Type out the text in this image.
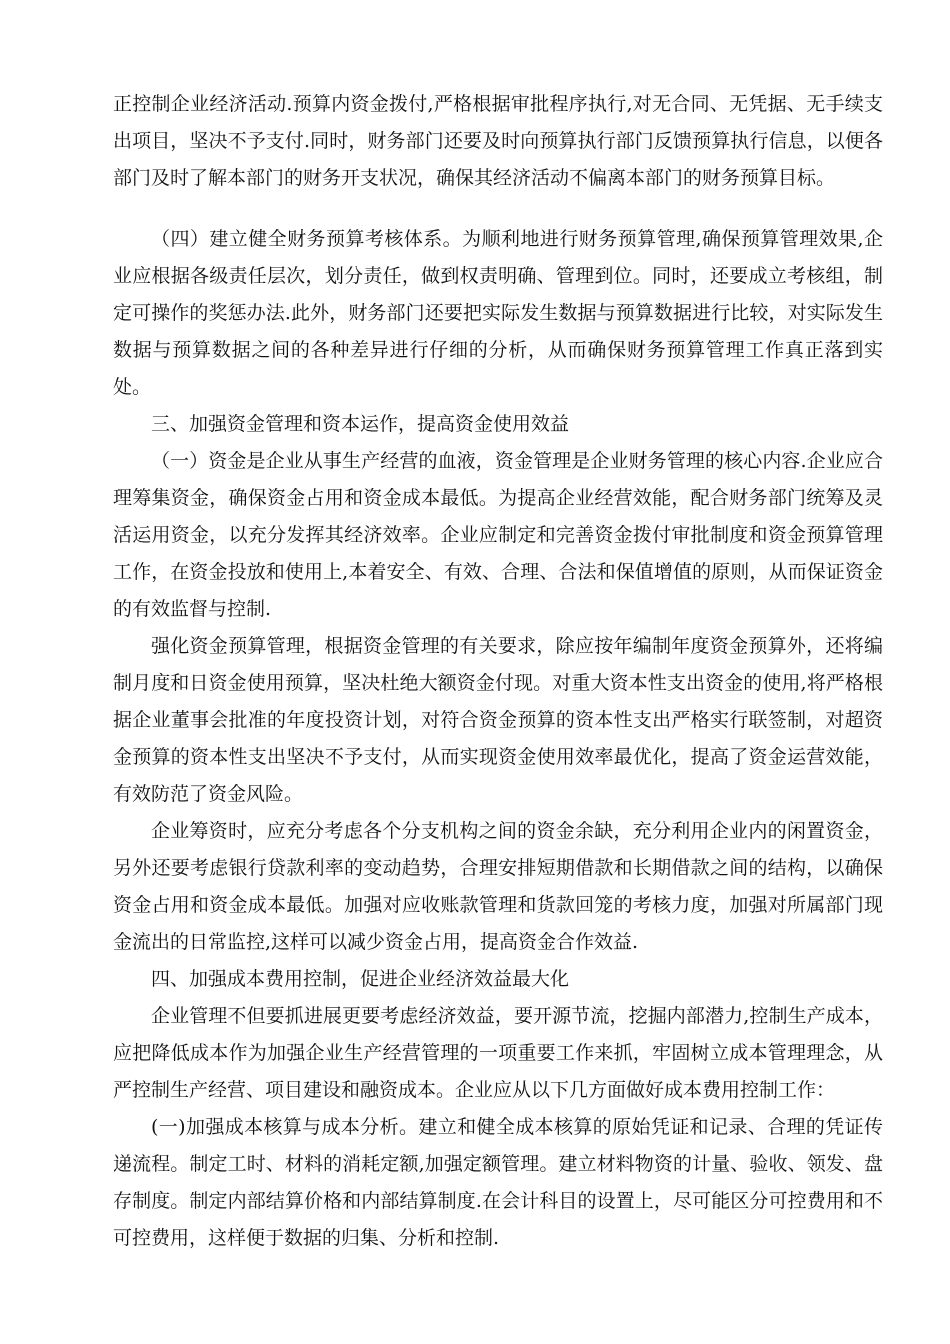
正控制企业经济活动.预算内资金拨付,严格根据审批程序执行,对无合同、无凭据、无手续支出项目，坚决不予支付.同时，财务部门还要及时向预算执行部门反馈预算执行信息，以便各部门及时了解本部门的财务开支状况，确保其经济活动不偏离本部门的财务预算目标。

（四）建立健全财务预算考核体系。为顺利地进行财务预算管理,确保预算管理效果,企业应根据各级责任层次，划分责任，做到权责明确、管理到位。同时，还要成立考核组，制定可操作的奖惩办法.此外，财务部门还要把实际发生数据与预算数据进行比较，对实际发生数据与预算数据之间的各种差异进行仔细的分析，从而确保财务预算管理工作真正落到实处。

三、加强资金管理和资本运作，提高资金使用效益

（一）资金是企业从事生产经营的血液，资金管理是企业财务管理的核心内容.企业应合理筹集资金，确保资金占用和资金成本最低。为提高企业经营效能，配合财务部门统筹及灵活运用资金，以充分发挥其经济效率。企业应制定和完善资金拨付审批制度和资金预算管理工作，在资金投放和使用上,本着安全、有效、合理、合法和保值增值的原则，从而保证资金的有效监督与控制.

强化资金预算管理，根据资金管理的有关要求，除应按年编制年度资金预算外，还将编制月度和日资金使用预算，坚决杜绝大额资金付现。对重大资本性支出资金的使用,将严格根据企业董事会批准的年度投资计划，对符合资金预算的资本性支出严格实行联签制，对超资金预算的资本性支出坚决不予支付，从而实现资金使用效率最优化，提高了资金运营效能，有效防范了资金风险。

企业筹资时，应充分考虑各个分支机构之间的资金余缺，充分利用企业内的闲置资金，另外还要考虑银行贷款利率的变动趋势，合理安排短期借款和长期借款之间的结构，以确保资金占用和资金成本最低。加强对应收账款管理和货款回笼的考核力度，加强对所属部门现金流出的日常监控,这样可以减少资金占用，提高资金合作效益.

四、加强成本费用控制，促进企业经济效益最大化

企业管理不但要抓进展更要考虑经济效益，要开源节流，挖掘内部潜力,控制生产成本，应把降低成本作为加强企业生产经营管理的一项重要工作来抓，牢固树立成本管理理念，从严控制生产经营、项目建设和融资成本。企业应从以下几方面做好成本费用控制工作：

(一)加强成本核算与成本分析。建立和健全成本核算的原始凭证和记录、合理的凭证传递流程。制定工时、材料的消耗定额,加强定额管理。建立材料物资的计量、验收、领发、盘存制度。制定内部结算价格和内部结算制度.在会计科目的设置上，尽可能区分可控费用和不可控费用，这样便于数据的归集、分析和控制.
